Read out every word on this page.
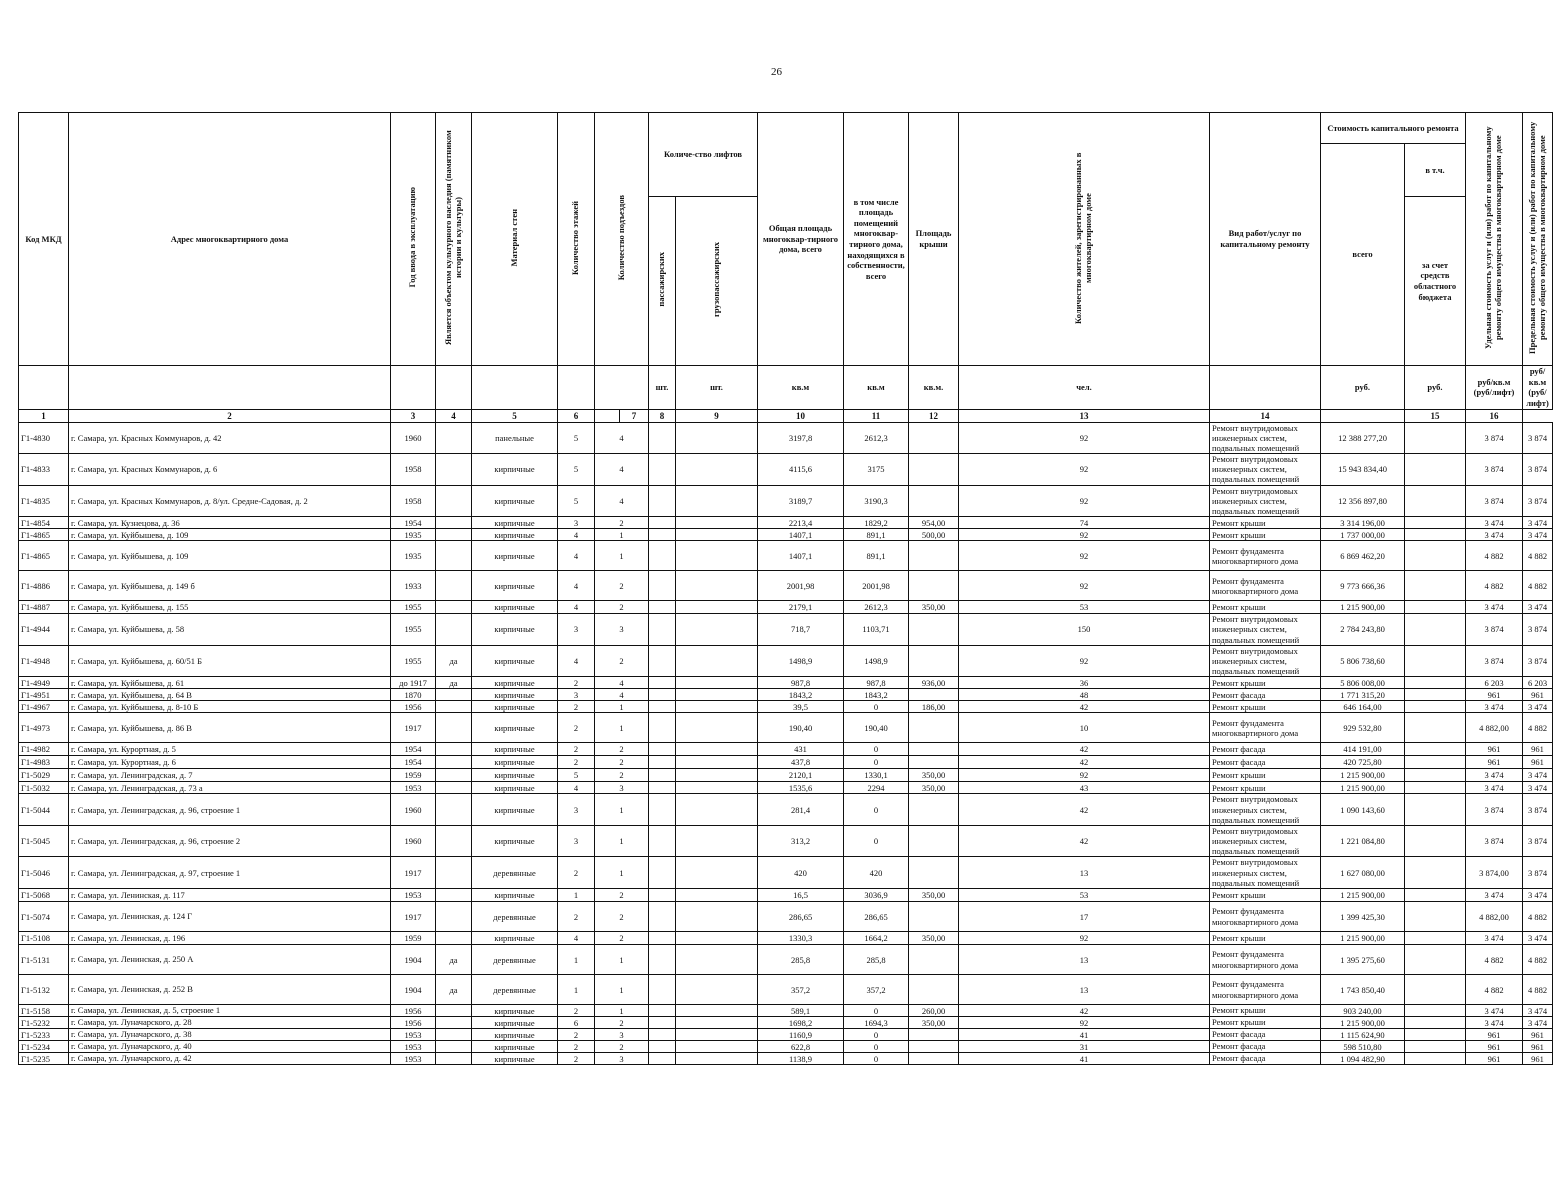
26
Код МКД	Адрес многоквартирного дома	Год ввода в эксплуатацию	Является объектом культурного наследия (памятником истории и культуры)	Материал стен	Количество этажей	Количество подъездов		Количе-ство лифтов		Общая площадь многоквар-тирного дома, всего	в том числе площадь помещений многоквар-тирного дома, находящихся в собственности, всего	Площадь крыши	Количество жителей, зарегистрированных в многоквартирном доме	Вид работ/услуг по капитальному ремонту	Стоимость капитального ремонта		Удельная стоимость услуг и (или) работ по капитальному ремонту общего имущества в многоквартирном доме	Предельная стоимость услуг и (или) работ по капитальному ремонту общего имущества в многоквартирном доме
															всего	в т.ч.		
								пассажирских	грузопассажирских							за счет средств областного бюджета		
								шт.	шт.	кв.м	кв.м	кв.м.	чел.		руб.	руб.	руб/кв.м (руб/лифт)	руб/кв.м (руб/лифт)
1	2	3	4	5	6		7	8	9	10	11	12	13	14		15	16	
Г1-4830	г. Самара, ул. Красных Коммунаров, д. 42	1960		панельные	5	4				3197,8	2612,3		92	Ремонт внутридомовых инженерных систем, подвальных помещений	12 388 277,20		3 874	3 874
Г1-4833	г. Самара, ул. Красных Коммунаров, д. 6	1958		кирпичные	5	4				4115,6	3175		92	Ремонт внутридомовых инженерных систем, подвальных помещений	15 943 834,40		3 874	3 874
Г1-4835	г. Самара, ул. Красных Коммунаров, д. 8/ул. Средне-Садовая, д. 2	1958		кирпичные	5	4				3189,7	3190,3		92	Ремонт внутридомовых инженерных систем, подвальных помещений	12 356 897,80		3 874	3 874
Г1-4854	г. Самара, ул. Кузнецова, д. 36	1954		кирпичные	3	2				2213,4	1829,2	954,00	74	Ремонт крыши	3 314 196,00		3 474	3 474
Г1-4865	г. Самара, ул. Куйбышева, д. 109	1935		кирпичные	4	1				1407,1	891,1	500,00	92	Ремонт крыши	1 737 000,00		3 474	3 474
Г1-4865	г. Самара, ул. Куйбышева, д. 109	1935		кирпичные	4	1				1407,1	891,1		92	Ремонт фундамента многоквартирного дома	6 869 462,20		4 882	4 882
Г1-4886	г. Самара, ул. Куйбышева, д. 149 б	1933		кирпичные	4	2				2001,98	2001,98		92	Ремонт фундамента многоквартирного дома	9 773 666,36		4 882	4 882
Г1-4887	г. Самара, ул. Куйбышева, д. 155	1955		кирпичные	4	2				2179,1	2612,3	350,00	53	Ремонт крыши	1 215 900,00		3 474	3 474
Г1-4944	г. Самара, ул. Куйбышева, д. 58	1955		кирпичные	3	3				718,7	1103,71		150	Ремонт внутридомовых инженерных систем, подвальных помещений	2 784 243,80		3 874	3 874
Г1-4948	г. Самара, ул. Куйбышева, д. 60/51 Б	1955	да	кирпичные	4	2				1498,9	1498,9		92	Ремонт внутридомовых инженерных систем, подвальных помещений	5 806 738,60		3 874	3 874
Г1-4949	г. Самара, ул. Куйбышева, д. 61	до 1917	да	кирпичные	2	4				987,8	987,8	936,00	36	Ремонт крыши	5 806 008,00		6 203	6 203
Г1-4951	г. Самара, ул. Куйбышева, д. 64 В	1870		кирпичные	3	4				1843,2	1843,2		48	Ремонт фасада	1 771 315,20		961	961
Г1-4967	г. Самара, ул. Куйбышева, д. 8-10 Б	1956		кирпичные	2	1				39,5	0	186,00	42	Ремонт крыши	646 164,00		3 474	3 474
Г1-4973	г. Самара, ул. Куйбышева, д. 86 В	1917		кирпичные	2	1				190,40	190,40		10	Ремонт фундамента многоквартирного дома	929 532,80		4 882,00	4 882
Г1-4982	г. Самара, ул. Курортная, д. 5	1954		кирпичные	2	2				431	0		42	Ремонт фасада	414 191,00		961	961
Г1-4983	г. Самара, ул. Курортная, д. 6	1954		кирпичные	2	2				437,8	0		42	Ремонт фасада	420 725,80		961	961
Г1-5029	г. Самара, ул. Ленинградская, д. 7	1959		кирпичные	5	2				2120,1	1330,1	350,00	92	Ремонт крыши	1 215 900,00		3 474	3 474
Г1-5032	г. Самара, ул. Ленинградская, д. 73 а	1953		кирпичные	4	3				1535,6	2294	350,00	43	Ремонт крыши	1 215 900,00		3 474	3 474
Г1-5044	г. Самара, ул. Ленинградская, д. 96, строение 1	1960		кирпичные	3	1				281,4	0		42	Ремонт внутридомовых инженерных систем, подвальных помещений	1 090 143,60		3 874	3 874
Г1-5045	г. Самара, ул. Ленинградская, д. 96, строение 2	1960		кирпичные	3	1				313,2	0		42	Ремонт внутридомовых инженерных систем, подвальных помещений	1 221 084,80		3 874	3 874
Г1-5046	г. Самара, ул. Ленинградская, д. 97, строение 1	1917		деревянные	2	1				420	420		13	Ремонт внутридомовых инженерных систем, подвальных помещений	1 627 080,00		3 874,00	3 874
Г1-5068	г. Самара, ул. Ленинская, д. 117	1953		кирпичные	1	2				16,5	3036,9	350,00	53	Ремонт крыши	1 215 900,00		3 474	3 474
Г1-5074	г. Самара, ул. Ленинская, д. 124 Г	1917		деревянные	2	2				286,65	286,65		17	Ремонт фундамента многоквартирного дома	1 399 425,30		4 882,00	4 882
Г1-5108	г. Самара, ул. Ленинская, д. 196	1959		кирпичные	4	2				1330,3	1664,2	350,00	92	Ремонт крыши	1 215 900,00		3 474	3 474
Г1-5131	г. Самара, ул. Ленинская, д. 250 А	1904	да	деревянные	1	1				285,8	285,8		13	Ремонт фундамента многоквартирного дома	1 395 275,60		4 882	4 882
Г1-5132	г. Самара, ул. Ленинская, д. 252 В	1904	да	деревянные	1	1				357,2	357,2		13	Ремонт фундамента многоквартирного дома	1 743 850,40		4 882	4 882
Г1-5158	г. Самара, ул. Ленинская, д. 5, строение 1	1956		кирпичные	2	1				589,1	0	260,00	42	Ремонт крыши	903 240,00		3 474	3 474
Г1-5232	г. Самара, ул. Луначарского, д. 28	1956		кирпичные	6	2				1698,2	1694,3	350,00	92	Ремонт крыши	1 215 900,00		3 474	3 474
Г1-5233	г. Самара, ул. Луначарского, д. 38	1953		кирпичные	2	3				1160,9	0		41	Ремонт фасада	1 115 624,90		961	961
Г1-5234	г. Самара, ул. Луначарского, д. 40	1953		кирпичные	2	2				622,8	0		31	Ремонт фасада	598 510,80		961	961
Г1-5235	г. Самара, ул. Луначарского, д. 42	1953		кирпичные	2	3				1138,9	0		41	Ремонт фасада	1 094 482,90		961	961
